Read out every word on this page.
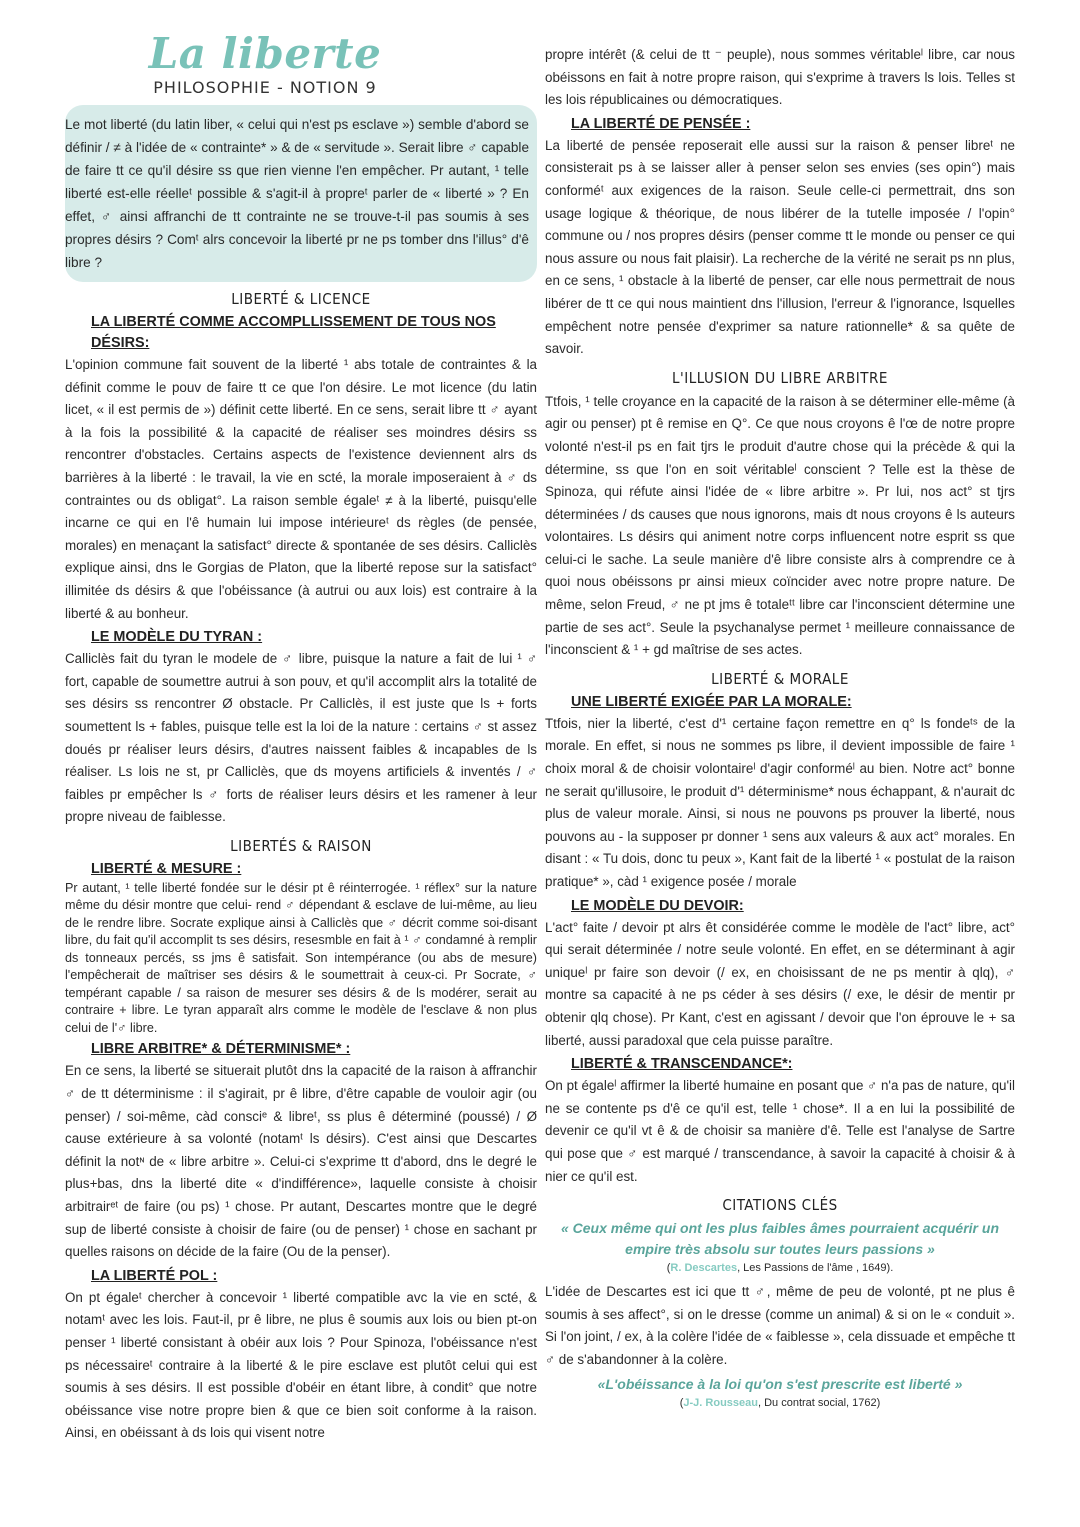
La liberte
PHILOSOPHIE - NOTION 9

Le mot liberté (du latin liber, « celui qui n'est ps esclave ») semble d'abord se définir / ≠ à l'idée de « contrainte* » & de « servitude ». Serait libre ♂ capable de faire tt ce qu'il désire ss que rien vienne l'en empêcher. Pr autant, ¹ telle liberté est-elle réelleᵗ possible & s'agit-il à propreᵗ parler de « liberté » ? En effet, ♂ ainsi affranchi de tt contrainte ne se trouve-t-il pas soumis à ses propres désirs ? Comᵗ alrs concevoir la liberté pr ne ps tomber dns l'illus° d'ê libre ?

LIBERTÉ & LICENCE
LA LIBERTÉ COMME ACCOMPLLISSEMENT DE TOUS NOS DÉSIRS:

L'opinion commune fait souvent de la liberté ¹ abs totale de contraintes & la définit comme le pouv de faire tt ce que l'on désire. Le mot licence (du latin licet, « il est permis de ») définit cette liberté. En ce sens, serait libre tt ♂ ayant à la fois la possibilité & la capacité de réaliser ses moindres désirs ss rencontrer d'obstacles. Certains aspects de l'existence deviennent alrs ds barrières à la liberté : le travail, la vie en scté, la morale imposeraient à ♂ ds contraintes ou ds obligat°. La raison semble égaleᵗ ≠ à la liberté, puisqu'elle incarne ce qui en l'ê humain lui impose intérieureᵗ ds règles (de pensée, morales) en menaçant la satisfact° directe & spontanée de ses désirs. Calliclès explique ainsi, dns le Gorgias de Platon, que la liberté repose sur la satisfact° illimitée ds désirs & que l'obéissance (à autrui ou aux lois) est contraire à la liberté & au bonheur.

LE MODÈLE DU TYRAN :

Calliclès fait du tyran le modele de ♂ libre, puisque la nature a fait de lui ¹ ♂ fort, capable de soumettre autrui à son pouv, et qu'il accomplit alrs la totalité de ses désirs ss rencontrer Ø obstacle. Pr Calliclès, il est juste que ls + forts soumettent ls + fables, puisque telle est la loi de la nature : certains ♂ st assez doués pr réaliser leurs désirs, d'autres naissent faibles & incapables de ls réaliser. Ls lois ne st, pr Calliclès, que ds moyens artificiels & inventés / ♂ faibles pr empêcher ls ♂ forts de réaliser leurs désirs et les ramener à leur propre niveau de faiblesse.

LIBERTÉS & RAISON
LIBERTÉ & MESURE :

Pr autant, ¹ telle liberté fondée sur le désir pt ê réinterrogée. ¹ réflex° sur la nature même du désir montre que celui- rend ♂ dépendant & esclave de lui-même, au lieu de le rendre libre. Socrate explique ainsi à Calliclès que ♂ décrit comme soi-disant libre, du fait qu'il accomplit ts ses désirs, resesmble en fait à ¹ ♂ condamné à remplir ds tonneaux percés, ss jms ê satisfait. Son intempérance (ou abs de mesure) l'empêcherait de maîtriser ses désirs & le soumettrait à ceux-ci. Pr Socrate, ♂ tempérant capable / sa raison de mesurer ses désirs & de ls modérer, serait au contraire + libre. Le tyran apparaît alrs comme le modèle de l'esclave & non plus celui de l'♂ libre.

LIBRE ARBITRE* & DÉTERMINISME* :

En ce sens, la liberté se situerait plutôt dns la capacité de la raison à affranchir ♂ de tt déterminisme : il s'agirait, pr ê libre, d'être capable de vouloir agir (ou penser) / soi-même, càd consciᵉ & libreᵗ, ss plus ê déterminé (poussé) / Ø cause extérieure à sa volonté (notamᵗ ls désirs). C'est ainsi que Descartes définit la notᶰ de « libre arbitre ». Celui-ci s'exprime tt d'abord, dns le degré le plus+bas, dns la liberté dite « d'indifférence», laquelle consiste à choisir arbitrairᵉᵗ de faire (ou ps) ¹ chose. Pr autant, Descartes montre que le degré sup de liberté consiste à choisir de faire (ou de penser) ¹ chose en sachant pr quelles raisons on décide de la faire (Ou de la penser).

LA LIBERTÉ POL :

On pt égaleᵗ chercher à concevoir ¹ liberté compatible avc la vie en scté, & notamᵗ avec les lois. Faut-il, pr ê libre, ne plus ê soumis aux lois ou bien pt-on penser ¹ liberté consistant à obéir aux lois ? Pour Spinoza, l'obéissance n'est ps nécessaireᵗ contraire à la liberté & le pire esclave est plutôt celui qui est soumis à ses désirs. Il est possible d'obéir en étant libre, à condit° que notre obéissance vise notre propre bien & que ce bien soit conforme à la raison. Ainsi, en obéissant à ds lois qui visent notre

propre intérêt (& celui de tt ⁻ peuple), nous sommes véritableˡ libre, car nous obéissons en fait à notre propre raison, qui s'exprime à travers ls lois. Telles st les lois républicaines ou démocratiques.

LA LIBERTÉ DE PENSÉE :

La liberté de pensée reposerait elle aussi sur la raison & penser libreᵗ ne consisterait ps à se laisser aller à penser selon ses envies (ses opin°) mais conforméᵗ aux exigences de la raison. Seule celle-ci permettrait, dns son usage logique & théorique, de nous libérer de la tutelle imposée / l'opin° commune ou / nos propres désirs (penser comme tt le monde ou penser ce qui nous assure ou nous fait plaisir). La recherche de la vérité ne serait ps nn plus, en ce sens, ¹ obstacle à la liberté de penser, car elle nous permettrait de nous libérer de tt ce qui nous maintient dns l'illusion, l'erreur & l'ignorance, lsquelles empêchent notre pensée d'exprimer sa nature rationnelle* & sa quête de savoir.

L'ILLUSION DU LIBRE ARBITRE

Ttfois, ¹ telle croyance en la capacité de la raison à se déterminer elle-même (à agir ou penser) pt ê remise en Q°. Ce que nous croyons ê l'œ de notre propre volonté n'est-il ps en fait tjrs le produit d'autre chose qui la précède & qui la détermine, ss que l'on en soit véritableˡ conscient ? Telle est la thèse de Spinoza, qui réfute ainsi l'idée de « libre arbitre ». Pr lui, nos act° st tjrs déterminées / ds causes que nous ignorons, mais dt nous croyons ê ls auteurs volontaires. Ls désirs qui animent notre corps influencent notre esprit ss que celui-ci le sache. La seule manière d'ê libre consiste alrs à comprendre ce à quoi nous obéissons pr ainsi mieux coïncider avec notre propre nature. De même, selon Freud, ♂ ne pt jms ê totaleᵗᵗ libre car l'inconscient détermine une partie de ses act°. Seule la psychanalyse permet ¹ meilleure connaissance de l'inconscient & ¹ + gd maîtrise de ses actes.

LIBERTÉ & MORALE
UNE LIBERTÉ EXIGÉE PAR LA MORALE:

Ttfois, nier la liberté, c'est d'¹ certaine façon remettre en q° ls fondeᵗˢ de la morale. En effet, si nous ne sommes ps libre, il devient impossible de faire ¹ choix moral & de choisir volontaireˡ d'agir conforméˡ au bien. Notre act° bonne ne serait qu'illusoire, le produit d'¹ déterminisme* nous échappant, & n'aurait dc plus de valeur morale. Ainsi, si nous ne pouvons ps prouver la liberté, nous pouvons au - la supposer pr donner ¹ sens aux valeurs & aux act° morales. En disant : « Tu dois, donc tu peux », Kant fait de la liberté ¹ « postulat de la raison pratique* », càd ¹ exigence posée / morale

LE MODÈLE DU DEVOIR:

L'act° faite / devoir pt alrs êt considérée comme le modèle de l'act° libre, act° qui serait déterminée / notre seule volonté. En effet, en se déterminant à agir uniqueˡ pr faire son devoir (/ ex, en choisissant de ne ps mentir à qlq), ♂ montre sa capacité à ne ps céder à ses désirs (/ exe, le désir de mentir pr obtenir qlq chose). Pr Kant, c'est en agissant / devoir que l'on éprouve le + sa liberté, aussi paradoxal que cela puisse paraître.

LIBERTÉ & TRANSCENDANCE*:

On pt égaleˡ affirmer la liberté humaine en posant que ♂ n'a pas de nature, qu'il ne se contente ps d'ê ce qu'il est, telle ¹ chose*. Il a en lui la possibilité de devenir ce qu'il vt ê & de choisir sa manière d'ê. Telle est l'analyse de Sartre qui pose que ♂ est marqué / transcendance, à savoir la capacité à choisir & à nier ce qu'il est.

CITATIONS CLÉS

« Ceux même qui ont les plus faibles âmes pourraient acquérir un empire très absolu sur toutes leurs passions »

(R. Descartes, Les Passions de l'âme , 1649).

L'idée de Descartes est ici que tt ♂, même de peu de volonté, pt ne plus ê soumis à ses affect°, si on le dresse (comme un animal) & si on le « conduit ». Si l'on joint, / ex, à la colère l'idée de « faiblesse », cela dissuade et empêche tt ♂ de s'abandonner à la colère.

«L'obéissance à la loi qu'on s'est prescrite est liberté »

(J-J. Rousseau, Du contrat social, 1762)
